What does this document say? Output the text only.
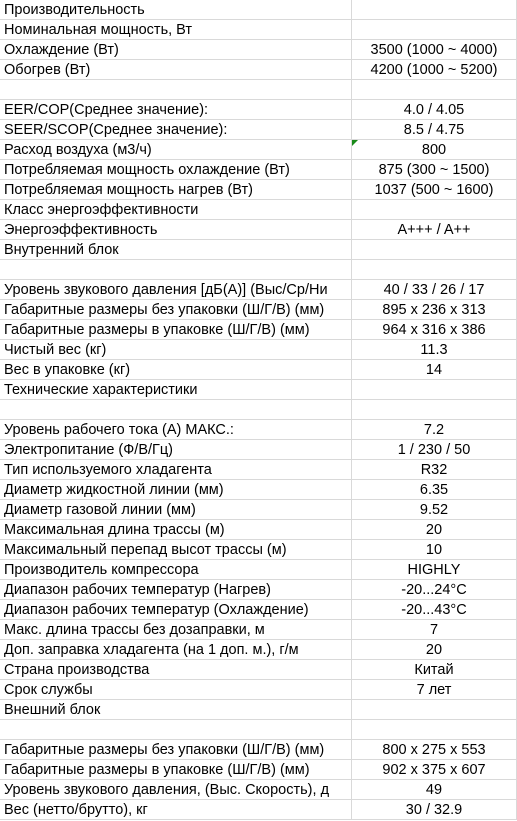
Производительность
Номинальная мощность, Вт
Охлаждение (Вт)	3500 (1000 ~ 4000)
Обогрев (Вт)	4200 (1000 ~ 5200)
EER/COP(Среднее значение):	4.0 / 4.05
SEER/SCOP(Среднее значение):	8.5 / 4.75
Расход воздуха (м3/ч)	800
Потребляемая мощность охлаждение (Вт)	875 (300 ~ 1500)
Потребляемая мощность нагрев (Вт)	1037 (500 ~ 1600)
Класс энергоэффективности
Энергоэффективность	A+++ / A++
Внутренний блок
Уровень звукового давления [дБ(А)] (Выс/Ср/Ни	40 / 33 / 26 / 17
Габаритные размеры без упаковки (Ш/Г/В) (мм)	895 x 236 x 313
Габаритные размеры в упаковке (Ш/Г/В) (мм)	964 x 316 x 386
Чистый вес (кг)	11.3
Вес в упаковке (кг)	14
Технические характеристики
Уровень рабочего тока (А) МАКС.:	7.2
Электропитание (Ф/В/Гц)	1 / 230 / 50
Тип используемого хладагента	R32
Диаметр жидкостной линии (мм)	6.35
Диаметр газовой линии (мм)	9.52
Максимальная длина трассы (м)	20
Максимальный перепад высот трассы (м)	10
Производитель компрессора	HIGHLY
Диапазон рабочих температур (Нагрев)	-20...24°C
Диапазон рабочих температур (Охлаждение)	-20...43°C
Макс. длина трассы без дозаправки, м	7
Доп. заправка хладагента (на 1 доп. м.), г/м	20
Страна производства	Китай
Срок службы	7 лет
Внешний блок
Габаритные размеры без упаковки (Ш/Г/В) (мм)	800 x 275 x 553
Габаритные размеры в упаковке (Ш/Г/В) (мм)	902 x 375 x 607
Уровень звукового давления, (Выс. Скорость), д	49
Вес (нетто/брутто), кг	30 / 32.9
